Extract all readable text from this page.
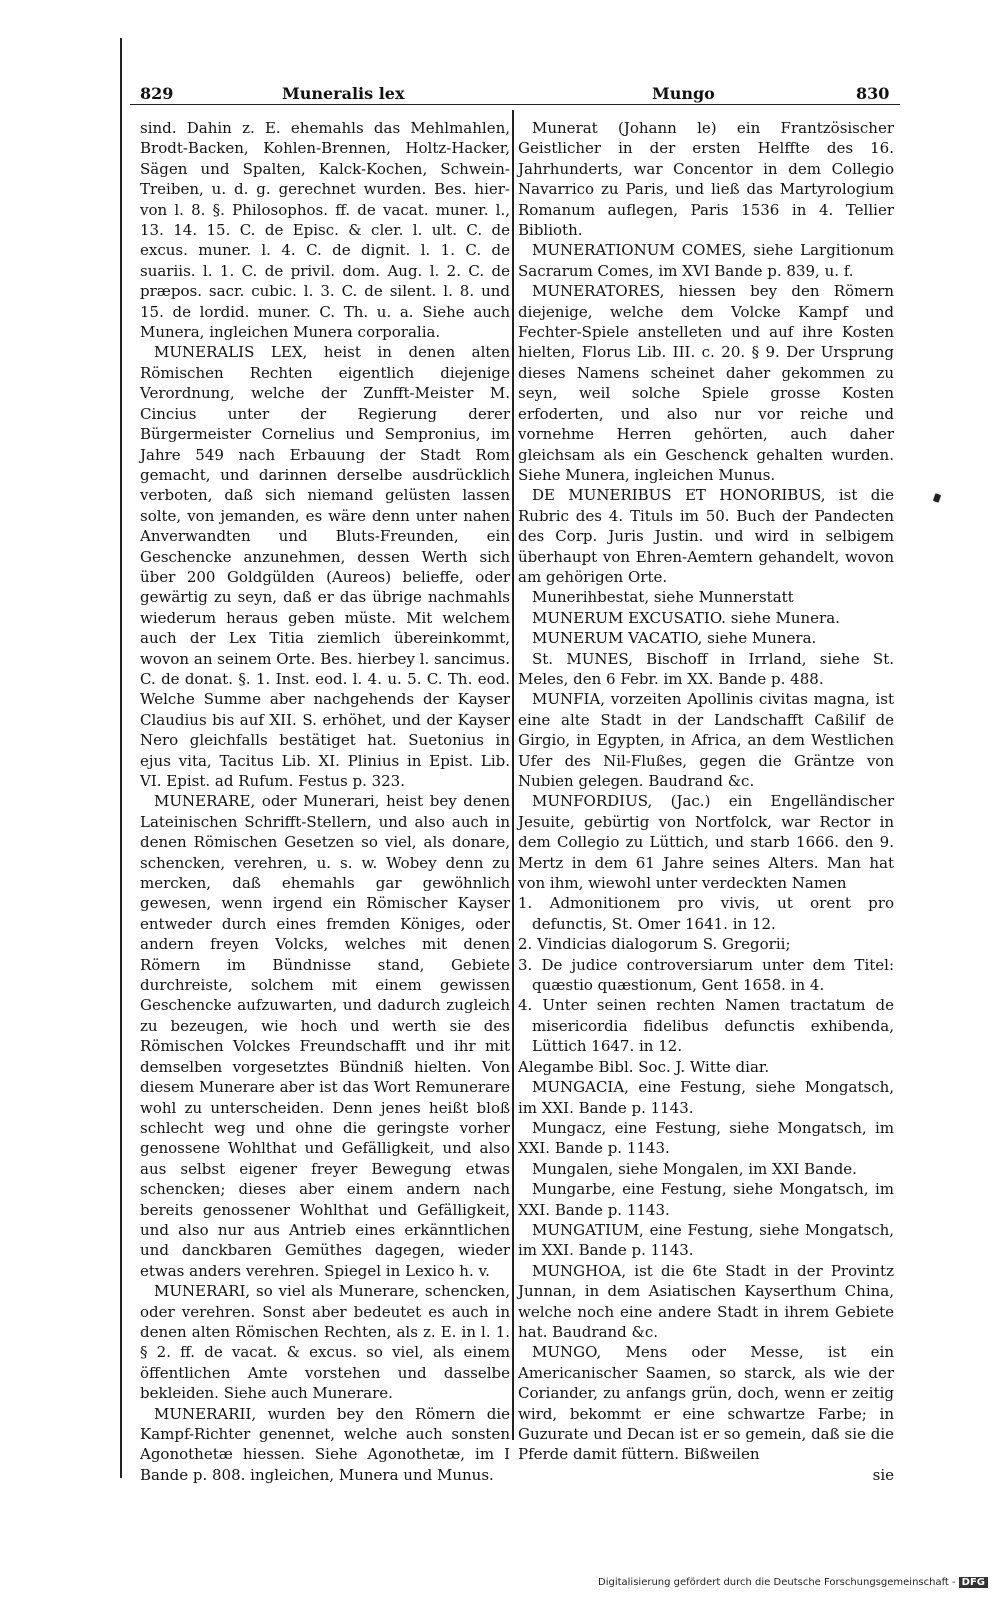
829	Muneralis lex	Mungo	830

sind. Dahin z. E. ehemahls das Mehlmahlen, Brodt-Backen, Kohlen-Brennen, Holtz-Hacker, Sägen und Spalten, Kalck-Kochen, Schwein-Treiben, u. d. g. gerechnet wurden. Bes. hier-von l. 8. §. Philosophos. ff. de vacat. muner. l., 13. 14. 15. C. de Episc. & cler. l. ult. C. de excus. muner. l. 4. C. de dignit. l. 1. C. de suariis. l. 1. C. de privil. dom. Aug. l. 2. C. de præpos. sacr. cubic. l. 3. C. de silent. l. 8. und 15. de lordid. muner. C. Th. u. a. Siehe auch Munera, ingleichen Munera corporalia.

MUNERALIS LEX, heist in denen alten Römischen Rechten eigentlich diejenige Verordnung, welche der Zunfft-Meister M. Cincius unter der Regierung derer Bürgermeister Cornelius und Sempronius, im Jahre 549 nach Erbauung der Stadt Rom gemacht, und darinnen derselbe ausdrücklich verboten, daß sich niemand gelüsten lassen solte, von jemanden, es wäre denn unter nahen Anverwandten und Bluts-Freunden, ein Geschencke anzunehmen, dessen Werth sich über 200 Goldgülden (Aureos) belieffe, oder gewärtig zu seyn, daß er das übrige nachmahls wiederum heraus geben müste. Mit welchem auch der Lex Titia ziemlich übereinkommt, wovon an seinem Orte. Bes. hierbey l. sancimus. C. de donat. §. 1. Inst. eod. l. 4. u. 5. C. Th. eod. Welche Summe aber nachgehends der Kayser Claudius bis auf XII. S. erhöhet, und der Kayser Nero gleichfalls bestätiget hat. Suetonius in ejus vita, Tacitus Lib. XI. Plinius in Epist. Lib. VI. Epist. ad Rufum. Festus p. 323.

MUNERARE, oder Munerari, heist bey denen Lateinischen Schrifft-Stellern, und also auch in denen Römischen Gesetzen so viel, als donare, schencken, verehren, u. s. w. Wobey denn zu mercken, daß ehemahls gar gewöhnlich gewesen, wenn irgend ein Römischer Kayser entweder durch eines fremden Königes, oder andern freyen Volcks, welches mit denen Römern im Bündnisse stand, Gebiete durchreiste, solchem mit einem gewissen Geschencke aufzuwarten, und dadurch zugleich zu bezeugen, wie hoch und werth sie des Römischen Volckes Freundschafft und ihr mit demselben vorgesetztes Bündniß hielten. Von diesem Munerare aber ist das Wort Remunerare wohl zu unterscheiden. Denn jenes heißt bloß schlecht weg und ohne die geringste vorher genossene Wohlthat und Gefälligkeit, und also aus selbst eigener freyer Bewegung etwas schencken; dieses aber einem andern nach bereits genossener Wohlthat und Gefälligkeit, und also nur aus Antrieb eines erkänntlichen und danckbaren Gemüthes dagegen, wieder etwas anders verehren. Spiegel in Lexico h. v.

MUNERARI, so viel als Munerare, schencken, oder verehren. Sonst aber bedeutet es auch in denen alten Römischen Rechten, als z. E. in l. 1. § 2. ff. de vacat. & excus. so viel, als einem öffentlichen Amte vorstehen und dasselbe bekleiden. Siehe auch Munerare.

MUNERARII, wurden bey den Römern die Kampf-Richter genennet, welche auch sonsten Agonothetæ hiessen. Siehe Agonothetæ, im I Bande p. 808. ingleichen, Munera und Munus.

Munerat (Johann le) ein Frantzösischer Geistlicher in der ersten Helffte des 16. Jahrhunderts, war Concentor in dem Collegio Navarrico zu Paris, und ließ das Martyrologium Romanum auflegen, Paris 1536 in 4. Tellier Biblioth.

MUNERATIONUM COMES, siehe Largitionum Sacrarum Comes, im XVI Bande p. 839, u. f.

MUNERATORES, hiessen bey den Römern diejenige, welche dem Volcke Kampf und Fechter-Spiele anstelleten und auf ihre Kosten hielten, Florus Lib. III. c. 20. § 9. Der Ursprung dieses Namens scheinet daher gekommen zu seyn, weil solche Spiele grosse Kosten erfoderten, und also nur vor reiche und vornehme Herren gehörten, auch daher gleichsam als ein Geschenck gehalten wurden. Siehe Munera, ingleichen Munus.

DE MUNERIBUS ET HONORIBUS, ist die Rubric des 4. Tituls im 50. Buch der Pandecten des Corp. Juris Justin. und wird in selbigem überhaupt von Ehren-Aemtern gehandelt, wovon am gehörigen Orte.

Munerihbestat, siehe Munnerstatt

MUNERUM EXCUSATIO. siehe Munera.

MUNERUM VACATIO, siehe Munera.

St. MUNES, Bischoff in Irrland, siehe St. Meles, den 6 Febr. im XX. Bande p. 488.

MUNFIA, vorzeiten Apollinis civitas magna, ist eine alte Stadt in der Landschafft Caßilif de Girgio, in Egypten, in Africa, an dem Westlichen Ufer des Nil-Flußes, gegen die Gräntze von Nubien gelegen. Baudrand &c.

MUNFORDIUS, (Jac.) ein Engelländischer Jesuite, gebürtig von Nortfolck, war Rector in dem Collegio zu Lüttich, und starb 1666. den 9. Mertz in dem 61 Jahre seines Alters. Man hat von ihm, wiewohl unter verdeckten Namen

1. Admonitionem pro vivis, ut orent pro defunctis, St. Omer 1641. in 12.

2. Vindicias dialogorum S. Gregorii;

3. De judice controversiarum unter dem Titel: quæstio quæstionum, Gent 1658. in 4.

4. Unter seinen rechten Namen tractatum de misericordia fidelibus defunctis exhibenda, Lüttich 1647. in 12.

Alegambe Bibl. Soc. J. Witte diar.

MUNGACIA, eine Festung, siehe Mongatsch, im XXI. Bande p. 1143.

Mungacz, eine Festung, siehe Mongatsch, im XXI. Bande p. 1143.

Mungalen, siehe Mongalen, im XXI Bande.

Mungarbe, eine Festung, siehe Mongatsch, im XXI. Bande p. 1143.

MUNGATIUM, eine Festung, siehe Mongatsch, im XXI. Bande p. 1143.

MUNGHOA, ist die 6te Stadt in der Provintz Junnan, in dem Asiatischen Kayserthum China, welche noch eine andere Stadt in ihrem Gebiete hat. Baudrand &c.

MUNGO, Mens oder Messe, ist ein Americanischer Saamen, so starck, als wie der Coriander, zu anfangs grün, doch, wenn er zeitig wird, bekommt er eine schwartze Farbe; in Guzurate und Decan ist er so gemein, daß sie die Pferde damit füttern. Bißweilen

sie

Digitalisierung gefördert durch die Deutsche Forschungsgemeinschaft - DFG
